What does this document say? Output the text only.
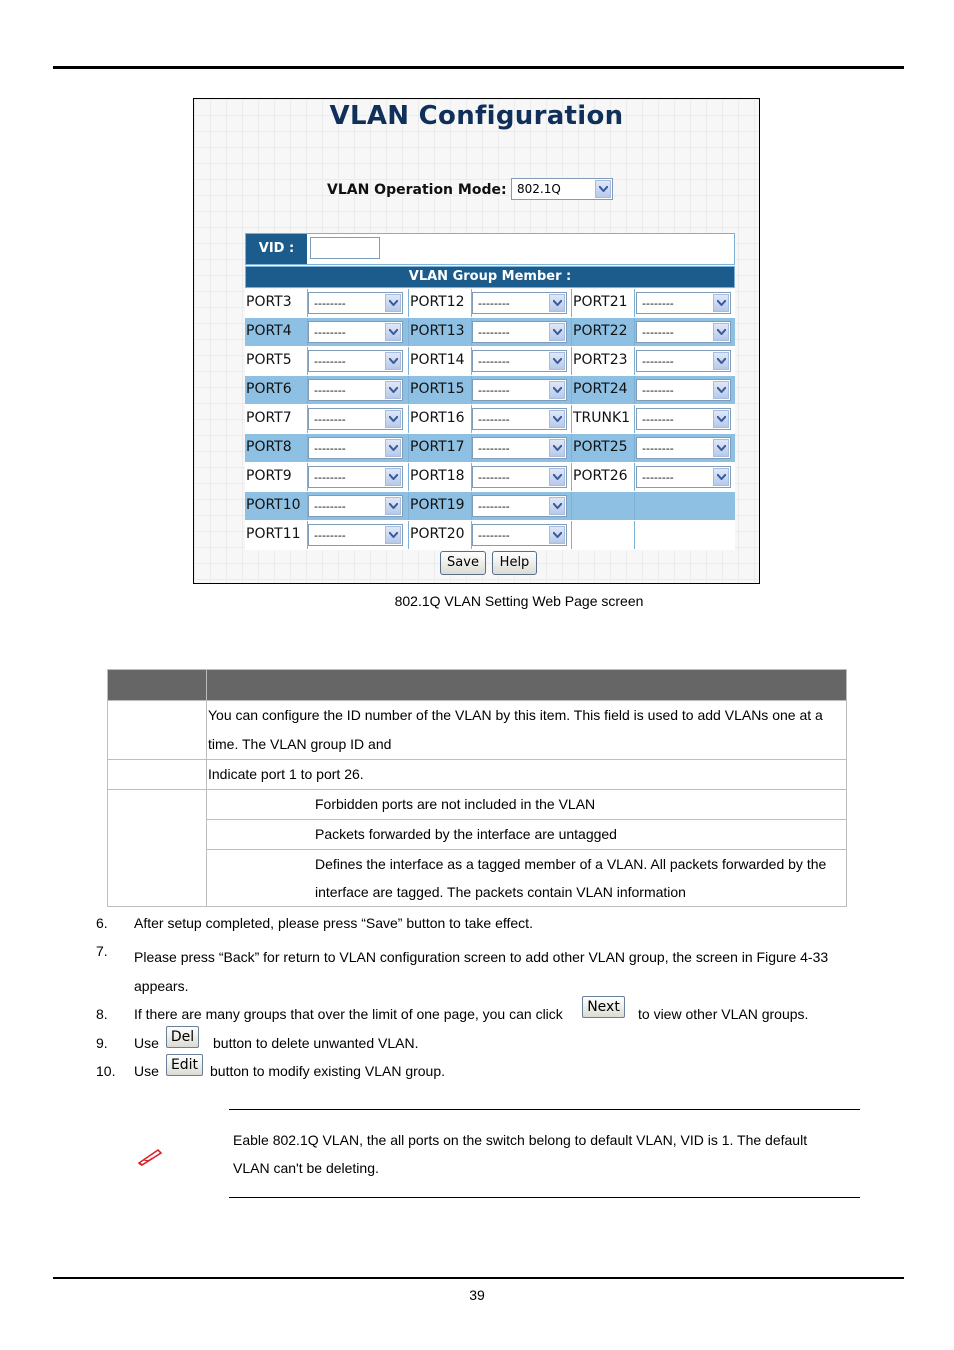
VLAN Configuration
VLAN Operation Mode: 802.1Q
VID :
VLAN Group Member :
PORT3 --------	PORT12 --------	PORT21 --------
PORT4 --------	PORT13 --------	PORT22 --------
PORT5 --------	PORT14 --------	PORT23 --------
PORT6 --------	PORT15 --------	PORT24 --------
PORT7 --------	PORT16 --------	TRUNK1 --------
PORT8 --------	PORT17 --------	PORT25 --------
PORT9 --------	PORT18 --------	PORT26 --------
PORT10 --------	PORT19 --------
PORT11 --------	PORT20 --------
Save	Help
802.1Q VLAN Setting Web Page screen

	You can configure the ID number of the VLAN by this item. This field is used to add VLANs one at a time. The VLAN group ID and
	Indicate port 1 to port 26.
	Forbidden ports are not included in the VLAN
	Packets forwarded by the interface are untagged
	Defines the interface as a tagged member of a VLAN. All packets forwarded by the interface are tagged. The packets contain VLAN information
6. After setup completed, please press “Save” button to take effect.
7. Please press “Back” for return to VLAN configuration screen to add other VLAN group, the screen in Figure 4-33 appears.
8. If there are many groups that over the limit of one page, you can click	Next	to view other VLAN groups.
9. Use Del	button to delete unwanted VLAN.
10. Use Edit button to modify existing VLAN group.
Eable 802.1Q VLAN, the all ports on the switch belong to default VLAN, VID is 1. The default VLAN can't be deleting.
39
